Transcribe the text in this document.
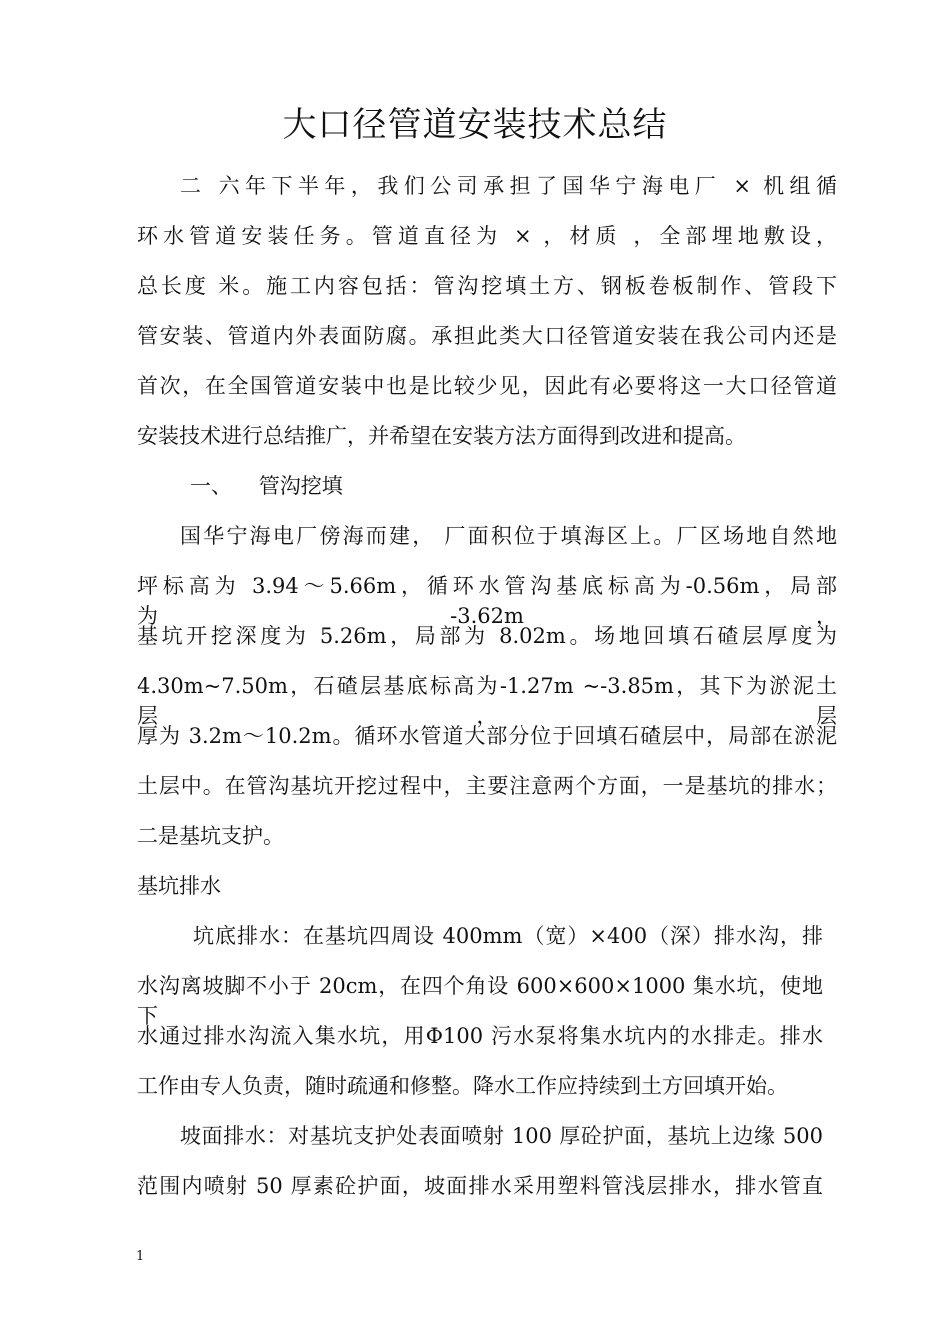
大口径管道安装技术总结
二 六年下半年，我们公司承担了国华宁海电厂 × 机组循
环水管道安装任务。管道直径为 × ，材质 ，全部埋地敷设，
总长度 米。施工内容包括：管沟挖填土方、钢板卷板制作、管段下
管安装、管道内外表面防腐。承担此类大口径管道安装在我公司内还是
首次，在全国管道安装中也是比较少见，因此有必要将这一大口径管道
安装技术进行总结推广，并希望在安装方法方面得到改进和提高。
一、    管沟挖填
国华宁海电厂傍海而建， 厂面积位于填海区上。厂区场地自然地
坪标高为 3.94～5.66m，循环水管沟基底标高为-0.56m，局部为-3.62m，
基坑开挖深度为 5.26m，局部为 8.02m。场地回填石碴层厚度为
4.30m~7.50m，石碴层基底标高为-1.27m ~-3.85m，其下为淤泥土层，层
厚为 3.2m～10.2m。循环水管道大部分位于回填石碴层中，局部在淤泥
土层中。在管沟基坑开挖过程中，主要注意两个方面，一是基坑的排水；
二是基坑支护。
基坑排水
坑底排水：在基坑四周设 400mm（宽）×400（深）排水沟，排
水沟离坡脚不小于 20cm，在四个角设 600×600×1000 集水坑，使地下
水通过排水沟流入集水坑，用Φ100 污水泵将集水坑内的水排走。排水
工作由专人负责，随时疏通和修整。降水工作应持续到土方回填开始。
坡面排水：对基坑支护处表面喷射 100 厚砼护面，基坑上边缘 500
范围内喷射 50 厚素砼护面，坡面排水采用塑料管浅层排水，排水管直
1
